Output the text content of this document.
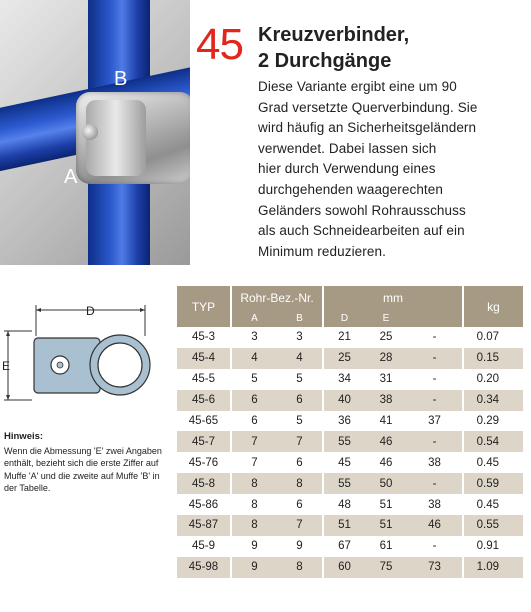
B
A
45 Kreuzverbinder,
2 Durchgänge
Diese Variante ergibt eine um 90
Grad versetzte Querverbindung. Sie
wird häufig an Sicherheitsgeländern
verwendet. Dabei lassen sich
hier durch Verwendung eines
durchgehenden waagerechten
Geländers sowohl Rohrausschuss
als auch Schneidearbeiten auf ein
Minimum reduzieren.
D
E
Hinweis:
Wenn die Abmessung 'E' zwei Angaben enthält, bezieht sich die erste Ziffer auf Muffe 'A' und die zweite auf Muffe 'B' in der Tabelle.
TYP	Rohr-Bez.-Nr.		mm			kg
	A	B	D	E		
45-3	3	3	21	25	-	0.07
45-4	4	4	25	28	-	0.15
45-5	5	5	34	31	-	0.20
45-6	6	6	40	38	-	0.34
45-65	6	5	36	41	37	0.29
45-7	7	7	55	46	-	0.54
45-76	7	6	45	46	38	0.45
45-8	8	8	55	50	-	0.59
45-86	8	6	48	51	38	0.45
45-87	8	7	51	51	46	0.55
45-9	9	9	67	61	-	0.91
45-98	9	8	60	75	73	1.09
